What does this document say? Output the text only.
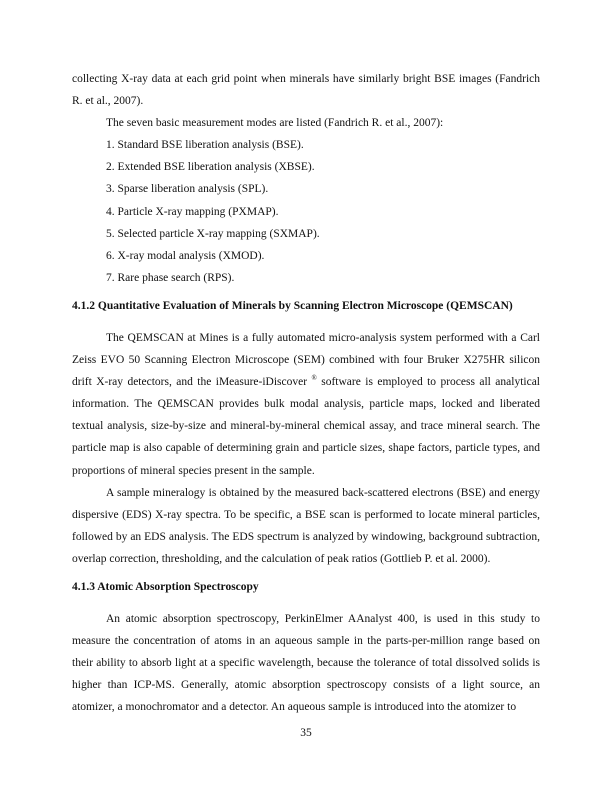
collecting X-ray data at each grid point when minerals have similarly bright BSE images (Fandrich R. et al., 2007).

The seven basic measurement modes are listed (Fandrich R. et al., 2007):

1. Standard BSE liberation analysis (BSE).
2. Extended BSE liberation analysis (XBSE).
3. Sparse liberation analysis (SPL).
4. Particle X-ray mapping (PXMAP).
5. Selected particle X-ray mapping (SXMAP).
6. X-ray modal analysis (XMOD).
7. Rare phase search (RPS).
4.1.2 Quantitative Evaluation of Minerals by Scanning Electron Microscope (QEMSCAN)

The QEMSCAN at Mines is a fully automated micro-analysis system performed with a Carl Zeiss EVO 50 Scanning Electron Microscope (SEM) combined with four Bruker X275HR silicon drift X-ray detectors, and the iMeasure-iDiscover ® software is employed to process all analytical information. The QEMSCAN provides bulk modal analysis, particle maps, locked and liberated textual analysis, size-by-size and mineral-by-mineral chemical assay, and trace mineral search. The particle map is also capable of determining grain and particle sizes, shape factors, particle types, and proportions of mineral species present in the sample.

A sample mineralogy is obtained by the measured back-scattered electrons (BSE) and energy dispersive (EDS) X-ray spectra. To be specific, a BSE scan is performed to locate mineral particles, followed by an EDS analysis. The EDS spectrum is analyzed by windowing, background subtraction, overlap correction, thresholding, and the calculation of peak ratios (Gottlieb P. et al. 2000).

4.1.3 Atomic Absorption Spectroscopy

An atomic absorption spectroscopy, PerkinElmer AAnalyst 400, is used in this study to measure the concentration of atoms in an aqueous sample in the parts-per-million range based on their ability to absorb light at a specific wavelength, because the tolerance of total dissolved solids is higher than ICP-MS. Generally, atomic absorption spectroscopy consists of a light source, an atomizer, a monochromator and a detector. An aqueous sample is introduced into the atomizer to

35
